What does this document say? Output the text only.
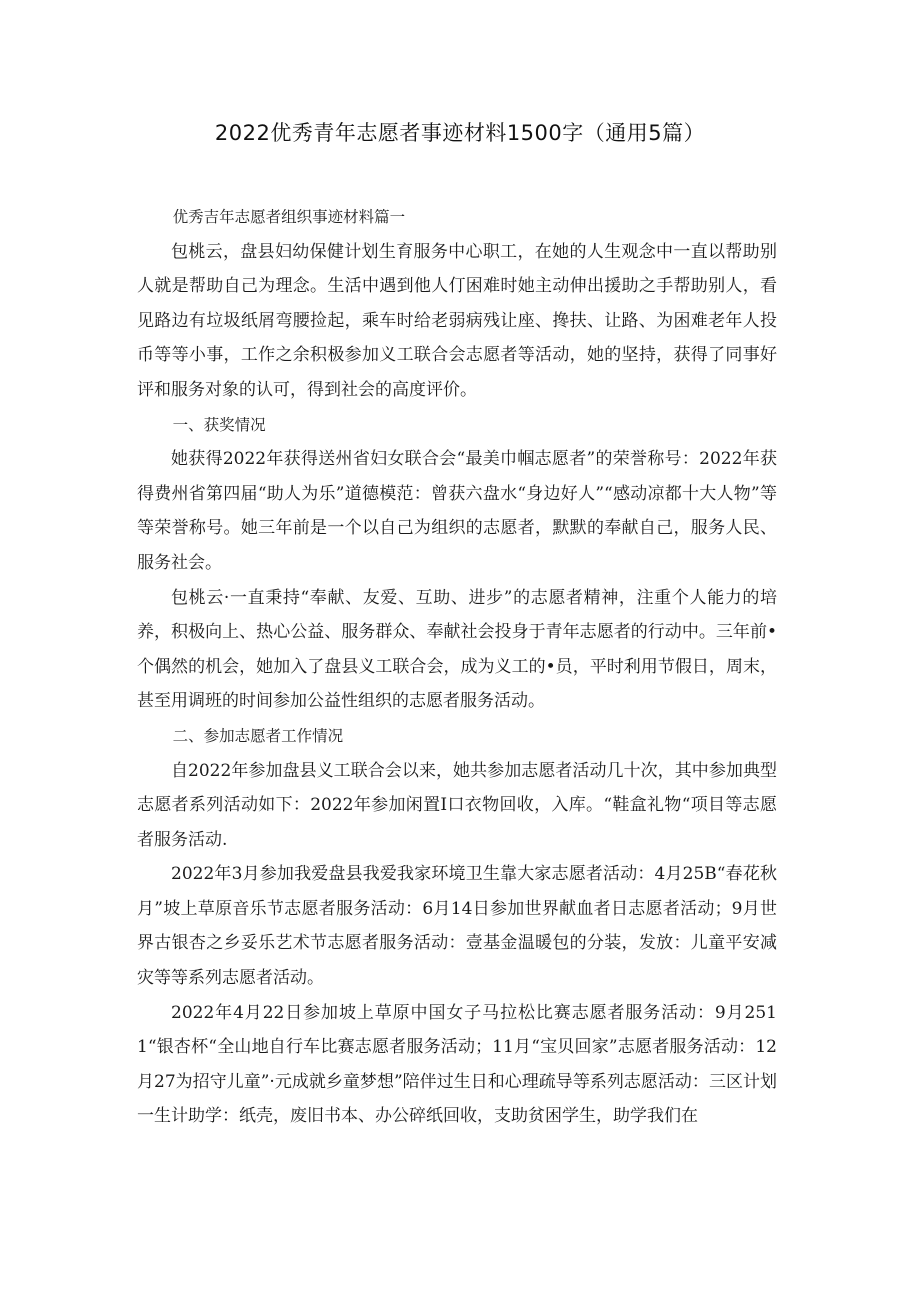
2022优秀青年志愿者事迹材料1500字（通用5篇）

优秀吉年志愿者组织事迹材料篇一

包桃云，盘县妇幼保健计划生育服务中心职工，在她的人生观念中一直以帮助别人就是帮助自己为理念。生活中遇到他人仃困难时她主动伸出援助之手帮助别人，看见路边有垃圾纸屑弯腰捡起，乘车时给老弱病残让座、搀扶、让路、为困难老年人投币等等小事，工作之余积极参加义工联合会志愿者等活动，她的坚持，获得了同事好评和服务对象的认可，得到社会的高度评价。

一、获奖情况

她获得2022年获得送州省妇女联合会“最美巾帼志愿者”的荣誉称号：2022年获得费州省第四届“助人为乐”道德模范：曾获六盘水“身边好人”“感动凉都十大人物”等等荣誉称号。她三年前是一个以自己为组织的志愿者，默默的奉献自己，服务人民、服务社会。

包桃云·一直秉持“奉献、友爱、互助、进步”的志愿者精神，注重个人能力的培养，积极向上、热心公益、服务群众、奉献社会投身于青年志愿者的行动中。三年前•个偶然的机会，她加入了盘县义工联合会，成为义工的•员，平时利用节假日，周末，甚至用调班的时间参加公益性组织的志愿者服务活动。

二、参加志愿者工作情况

自2022年参加盘县义工联合会以来，她共参加志愿者活动几十次，其中参加典型志愿者系列活动如下：2022年参加闲置Ⅰ口衣物回收，入库。“鞋盒礼物“项目等志愿者服务活动.

2022年3月参加我爱盘县我爱我家环境卫生靠大家志愿者活动：4月25B“春花秋月”坡上草原音乐节志愿者服务活动：6月14日参加世界献血者日志愿者活动；9月世界古银杏之乡妥乐艺术节志愿者服务活动：壹基金温暖包的分装，发放：儿童平安减灾等等系列志愿者活动。

2022年4月22日参加坡上草原中国女子马拉松比赛志愿者服务活动：9月2511“银杏杯“全山地自行车比赛志愿者服务活动；11月“宝贝回家”志愿者服务活动：12月27为招守儿童”·元成就乡童梦想”陪伴过生日和心理疏导等系列志愿活动：三区计划一生计助学：纸壳，废旧书本、办公碎纸回收，支助贫困学生，助学我们在
